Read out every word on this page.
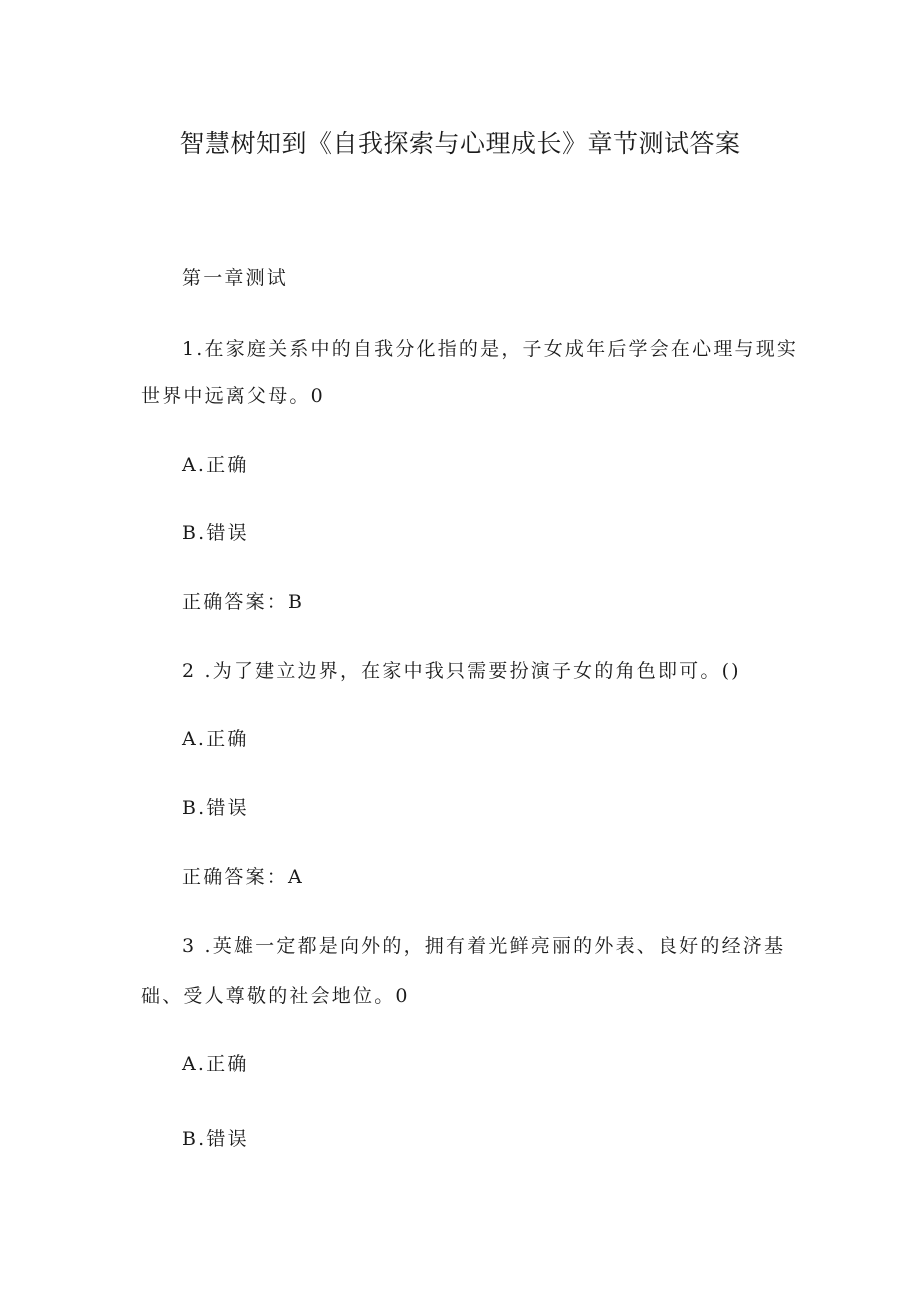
智慧树知到《自我探索与心理成长》章节测试答案
第一章测试
1.在家庭关系中的自我分化指的是，子女成年后学会在心理与现实
世界中远离父母。0
A.正确
B.错误
正确答案：B
2 .为了建立边界，在家中我只需要扮演子女的角色即可。()
A.正确
B.错误
正确答案：A
3 .英雄一定都是向外的，拥有着光鲜亮丽的外表、良好的经济基
础、受人尊敬的社会地位。0
A.正确
B.错误
